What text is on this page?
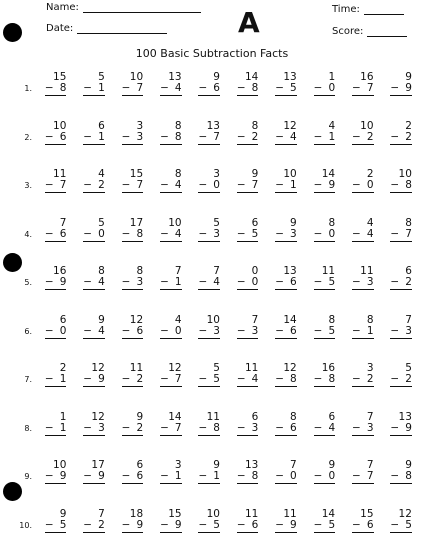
Name:
Date:
Time:
Score:
A
100 Basic Subtraction Facts
1.
15
− 8
5
− 1
10
− 7
13
− 4
9
− 6
14
− 8
13
− 5
1
− 0
16
− 7
9
− 9
2.
10
− 6
6
− 1
3
− 3
8
− 8
13
− 7
8
− 2
12
− 4
4
− 1
10
− 2
2
− 2
3.
11
− 7
4
− 2
15
− 7
8
− 4
3
− 0
9
− 7
10
− 1
14
− 9
2
− 0
10
− 8
4.
7
− 6
5
− 0
17
− 8
10
− 4
5
− 3
6
− 5
9
− 3
8
− 0
4
− 4
8
− 7
5.
16
− 9
8
− 4
8
− 3
7
− 1
7
− 4
0
− 0
13
− 6
11
− 5
11
− 3
6
− 2
6.
6
− 0
9
− 4
12
− 6
4
− 0
10
− 3
7
− 3
14
− 6
8
− 5
8
− 1
7
− 3
7.
2
− 1
12
− 9
11
− 2
12
− 7
5
− 5
11
− 4
12
− 8
16
− 8
3
− 2
5
− 2
8.
1
− 1
12
− 3
9
− 2
14
− 7
11
− 8
6
− 3
8
− 6
6
− 4
7
− 3
13
− 9
9.
10
− 9
17
− 9
6
− 6
3
− 1
9
− 1
13
− 8
7
− 0
9
− 0
7
− 7
9
− 8
10.
9
− 5
7
− 2
18
− 9
15
− 9
10
− 5
11
− 6
11
− 9
14
− 5
15
− 6
12
− 5
